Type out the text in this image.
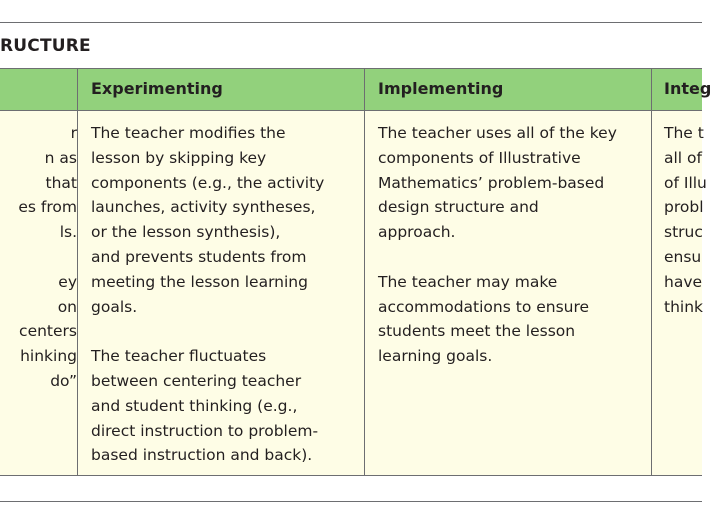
RUCTURE
Experimenting	Implementing	Integ
r
n as
that
es from
ls.
ey
on
centers
hinking
do”
The teacher modifies the
lesson by skipping key
components (e.g., the activity
launches, activity syntheses,
or the lesson synthesis),
and prevents students from
meeting the lesson learning
goals.
The teacher fluctuates
between centering teacher
and student thinking (e.g.,
direct instruction to problem-
based instruction and back).
The teacher uses all of the key
components of Illustrative
Mathematics’ problem-based
design structure and
approach.
The teacher may make
accommodations to ensure
students meet the lesson
learning goals.
The t
all of
of Illu
probl
struc
ensu
have
think
